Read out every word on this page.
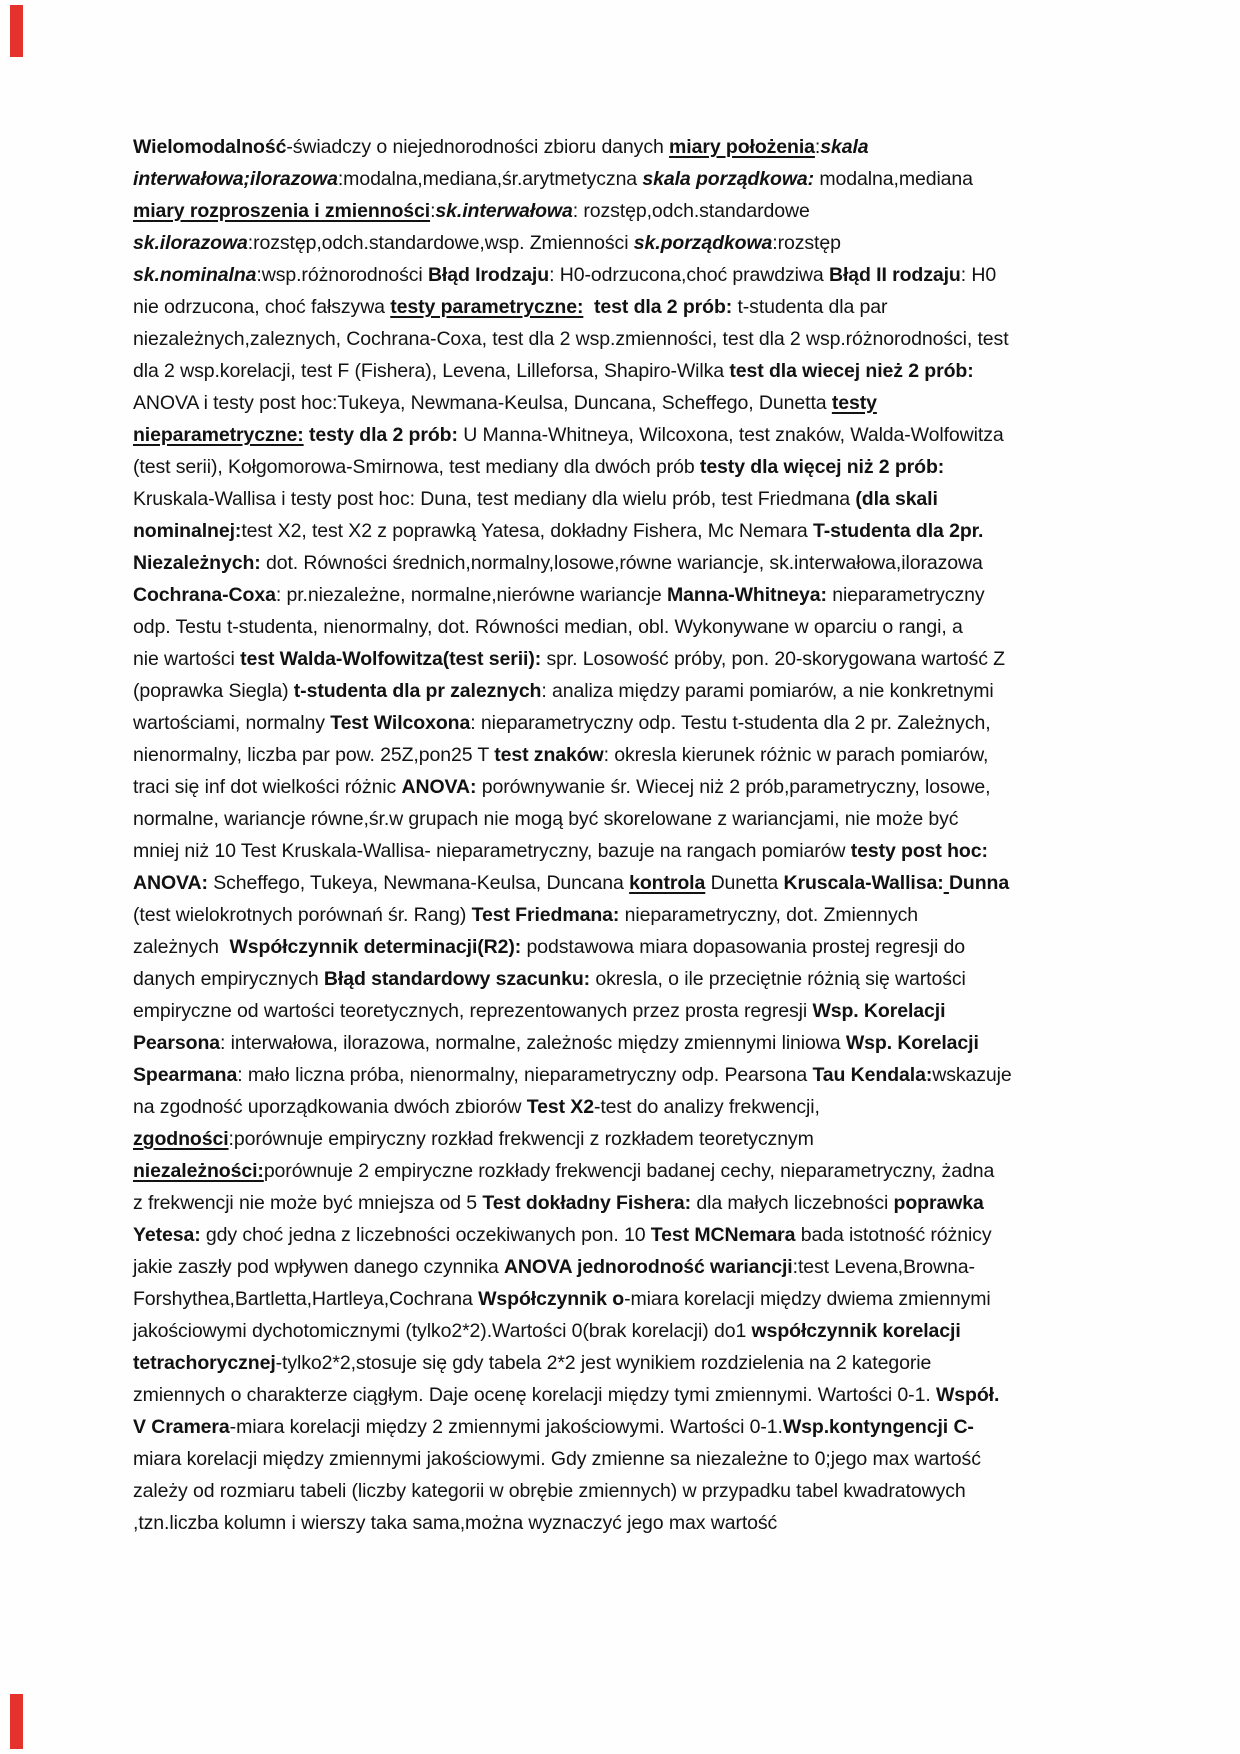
Wielomodalność-świadczy o niejednorodności zbioru danych miary położenia:skala
interwałowa;ilorazowa:modalna,mediana,śr.arytmetyczna skala porządkowa: modalna,mediana
miary rozproszenia i zmienności:sk.interwałowa: rozstęp,odch.standardowe
sk.ilorazowa:rozstęp,odch.standardowe,wsp. Zmienności sk.porządkowa:rozstęp
sk.nominalna:wsp.różnorodności Błąd Irodzaju: H0-odrzucona,choć prawdziwa Błąd II rodzaju: H0
nie odrzucona, choć fałszywa testy parametryczne: test dla 2 prób: t-studenta dla par
niezależnych,zaleznych, Cochrana-Coxa, test dla 2 wsp.zmienności, test dla 2 wsp.różnorodności, test
dla 2 wsp.korelacji, test F (Fishera), Levena, Lilleforsa, Shapiro-Wilka test dla wiecej nież 2 prób:
ANOVA i testy post hoc:Tukeya, Newmana-Keulsa, Duncana, Scheffego, Dunetta testy
nieparametryczne: testy dla 2 prób: U Manna-Whitneya, Wilcoxona, test znaków, Walda-Wolfowitza
(test serii), Kołgomorowa-Smirnowa, test mediany dla dwóch prób testy dla więcej niż 2 prób:
Kruskala-Wallisa i testy post hoc: Duna, test mediany dla wielu prób, test Friedmana (dla skali
nominalnej:test X2, test X2 z poprawką Yatesa, dokładny Fishera, Mc Nemara T-studenta dla 2pr.
Niezależnych: dot. Równości średnich,normalny,losowe,równe wariancje, sk.interwałowa,ilorazowa
Cochrana-Coxa: pr.niezależne, normalne,nierówne wariancje Manna-Whitneya: nieparametryczny
odp. Testu t-studenta, nienormalny, dot. Równości median, obl. Wykonywane w oparciu o rangi, a
nie wartości test Walda-Wolfowitza(test serii): spr. Losowość próby, pon. 20-skorygowana wartość Z
(poprawka Siegla) t-studenta dla pr zaleznych: analiza między parami pomiarów, a nie konkretnymi
wartościami, normalny Test Wilcoxona: nieparametryczny odp. Testu t-studenta dla 2 pr. Zależnych,
nienormalny, liczba par pow. 25Z,pon25 T test znaków: okresla kierunek różnic w parach pomiarów,
traci się inf dot wielkości różnic ANOVA: porównywanie śr. Wiecej niż 2 prób,parametryczny, losowe,
normalne, wariancje równe,śr.w grupach nie mogą być skorelowane z wariancjami, nie może być
mniej niż 10 Test Kruskala-Wallisa- nieparametryczny, bazuje na rangach pomiarów testy post hoc:
ANOVA: Scheffego, Tukeya, Newmana-Keulsa, Duncana kontrola Dunetta Kruscala-Wallisa: Dunna
(test wielokrotnych porównań śr. Rang) Test Friedmana: nieparametryczny, dot. Zmiennych
zależnych  Współczynnik determinacji(R2): podstawowa miara dopasowania prostej regresji do
danych empirycznych Błąd standardowy szacunku: okresla, o ile przeciętnie różnią się wartości
empiryczne od wartości teoretycznych, reprezentowanych przez prosta regresji Wsp. Korelacji
Pearsona: interwałowa, ilorazowa, normalne, zależnośc między zmiennymi liniowa Wsp. Korelacji
Spearmana: mało liczna próba, nienormalny, nieparametryczny odp. Pearsona Tau Kendala:wskazuje
na zgodność uporządkowania dwóch zbiorów Test X2-test do analizy frekwencji,
zgodności:porównuje empiryczny rozkład frekwencji z rozkładem teoretycznym
niezależności:porównuje 2 empiryczne rozkłady frekwencji badanej cechy, nieparametryczny, żadna
z frekwencji nie może być mniejsza od 5 Test dokładny Fishera: dla małych liczebności poprawka
Yetesa: gdy choć jedna z liczebności oczekiwanych pon. 10 Test MCNemara bada istotność różnicy
jakie zaszły pod wpływen danego czynnika ANOVA jednorodność wariancji:test Levena,Browna-
Forshythea,Bartletta,Hartleya,Cochrana Współczynnik o-miara korelacji między dwiema zmiennymi
jakościowymi dychotomicznymi (tylko2*2).Wartości 0(brak korelacji) do1 współczynnik korelacji
tetrachorycznej-tylko2*2,stosuje się gdy tabela 2*2 jest wynikiem rozdzielenia na 2 kategorie
zmiennych o charakterze ciągłym. Daje ocenę korelacji między tymi zmiennymi. Wartości 0-1. Współ.
V Cramera-miara korelacji między 2 zmiennymi jakościowymi. Wartości 0-1.Wsp.kontyngencji C-
miara korelacji między zmiennymi jakościowymi. Gdy zmienne sa niezależne to 0;jego max wartość
zależy od rozmiaru tabeli (liczby kategorii w obrębie zmiennych) w przypadku tabel kwadratowych
,tzn.liczba kolumn i wierszy taka sama,można wyznaczyć jego max wartość
